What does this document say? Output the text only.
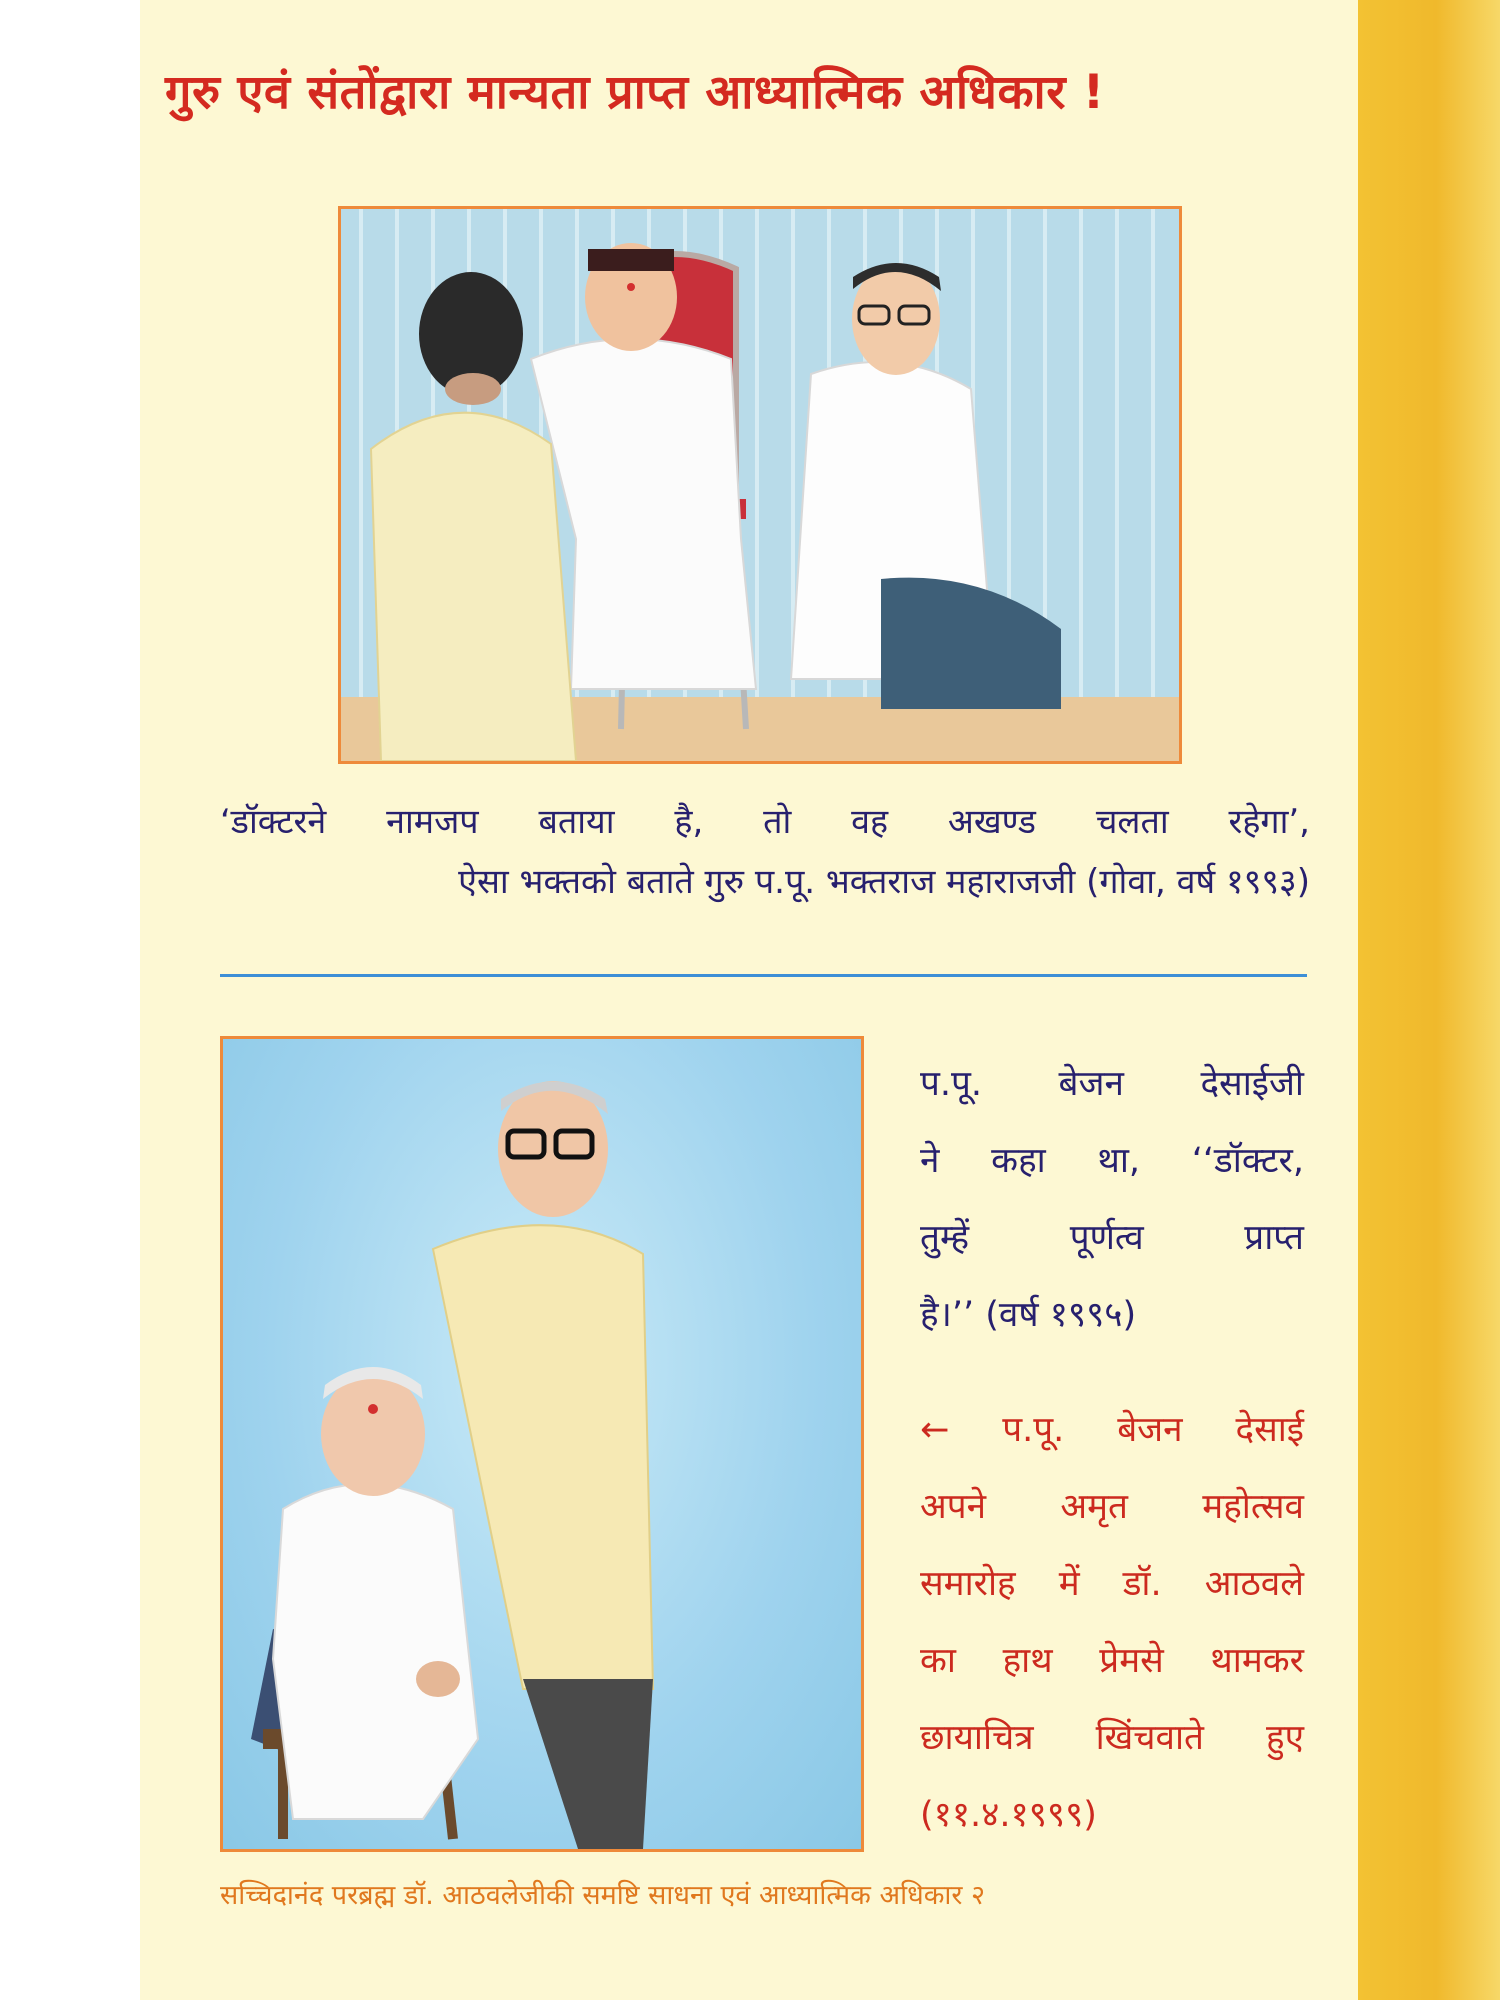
गुरु एवं संतोंद्वारा मान्यता प्राप्त आध्यात्मिक अधिकार !
‘डॉक्टरने नामजप बताया है, तो वह अखण्ड चलता रहेगा’,
ऐसा भक्तको बताते गुरु प.पू. भक्तराज महाराजजी (गोवा, वर्ष १९९३)
प.पू. बेजन देसाईजी
ने कहा था, ‘‘डॉक्टर,
तुम्हें पूर्णत्व प्राप्त
है।’’ (वर्ष १९९५)
← प.पू. बेजन देसाई
अपने अमृत महोत्सव
समारोह में डॉ. आठवले
का हाथ प्रेमसे थामकर
छायाचित्र खिंचवाते हुए
(११.४.१९९९)
सच्चिदानंद परब्रह्म डॉ. आठवलेजीकी समष्टि साधना एवं आध्यात्मिक अधिकार २
